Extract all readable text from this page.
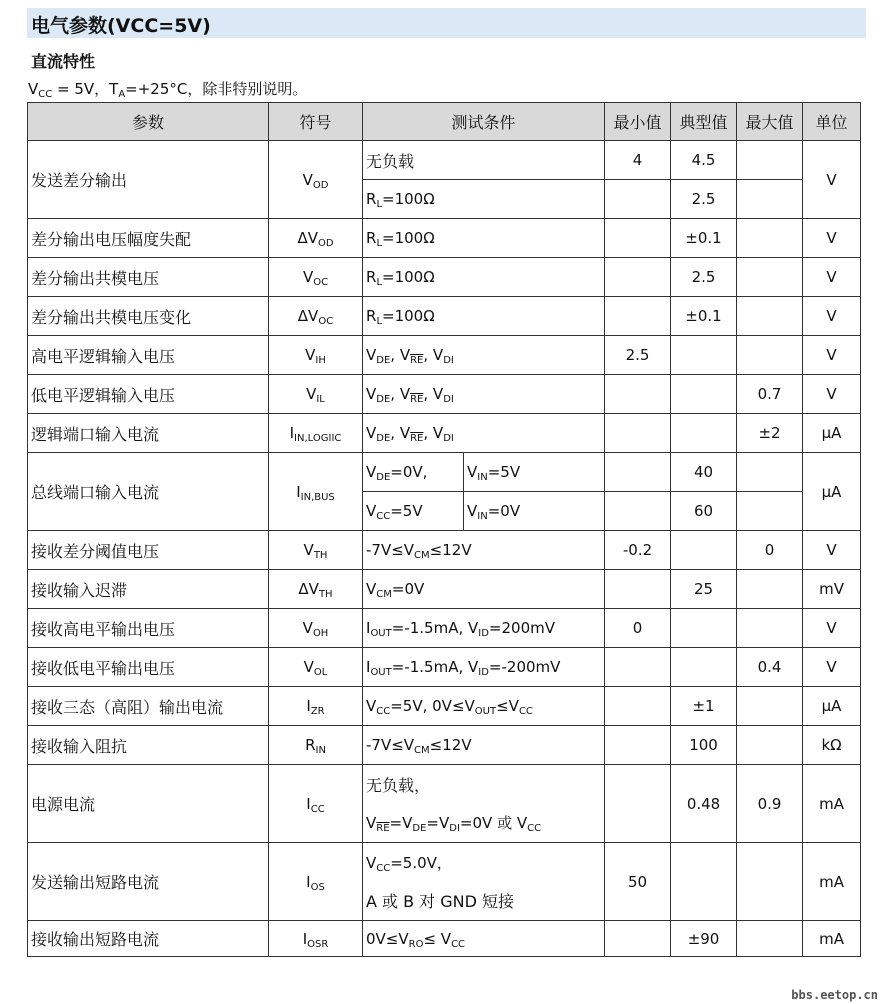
电气参数(VCC=5V)
直流特性
$V_{CC} = 5V$，$T_A=+25^\circ C$，除非特别说明。
参数	符号	测试条件		最小值	典型值	最大值	单位
发送差分输出	$V_{OD}$	无负载		4	4.5		V
		$R_L=100\Omega$			2.5		
差分输出电压幅度失配	$\Delta V_{OD}$	$R_L=100\Omega$			±0.1		V
差分输出共模电压	$V_{OC}$	$R_L=100\Omega$			2.5		V
差分输出共模电压变化	$\Delta V_{OC}$	$R_L=100\Omega$			±0.1		V
高电平逻辑输入电压	$V_{IH}$	$V_{DE}$, $V_{\overline{RE}}$, $V_{DI}$		2.5			V
低电平逻辑输入电压	$V_{IL}$	$V_{DE}$, $V_{\overline{RE}}$, $V_{DI}$				0.7	V
逻辑端口输入电流	$I_{IN,LOGIIC}$	$V_{DE}$, $V_{\overline{RE}}$, $V_{DI}$				±2	µA
总线端口输入电流	$I_{IN,BUS}$	$V_{DE}=0V$,	$V_{IN}=5V$		40		µA
		$V_{CC}=5V$	$V_{IN}=0V$		60		
接收差分阈值电压	$V_{TH}$	$-7V\le V_{CM}\le 12V$		-0.2		0	V
接收输入迟滞	$\Delta V_{TH}$	$V_{CM}=0V$			25		mV
接收高电平输出电压	$V_{OH}$	$I_{OUT}=-1.5mA$, $V_{ID}=200mV$		0			V
接收低电平输出电压	$V_{OL}$	$I_{OUT}=-1.5mA$, $V_{ID}=-200mV$				0.4	V
接收三态（高阻）输出电流	$I_{ZR}$	$V_{CC}=5V$, $0V\le V_{OUT}\le V_{CC}$			±1		µA
接收输入阻抗	$R_{IN}$	$-7V\le V_{CM}\le 12V$			100		kΩ
电源电流	$I_{CC}$	无负载，			0.48	0.9	mA
		$V_{\overline{RE}}=V_{DE}=V_{DI}=0V$ 或 $V_{CC}$
发送输出短路电流	$I_{OS}$	$V_{CC}=5.0V$，		50			mA
		A 或 B 对 GND 短接					
接收输出短路电流	$I_{OSR}$	$0V\le V_{RO}\le V_{CC}$			±90		mA
bbs.eetop.cn
